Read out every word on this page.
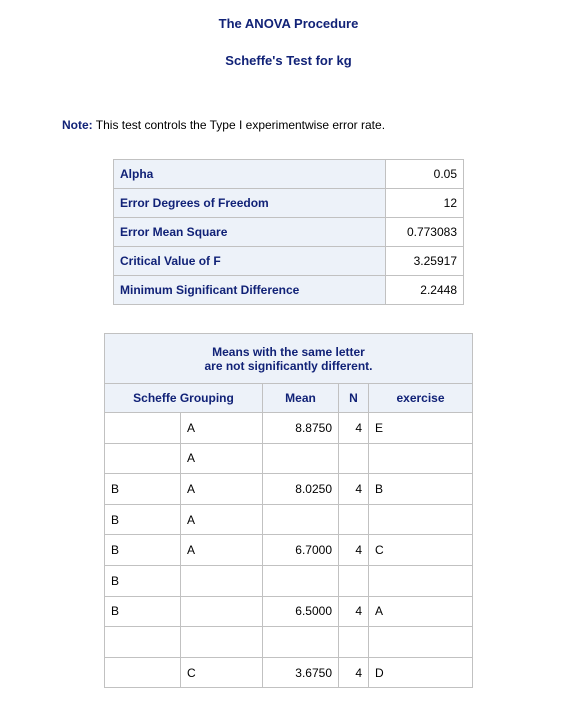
The ANOVA Procedure
Scheffe's Test for kg
Note: This test controls the Type I experimentwise error rate.
Alpha	0.05
Error Degrees of Freedom	12
Error Mean Square	0.773083
Critical Value of F	3.25917
Minimum Significant Difference	2.2448
Means with the same letter
are not significantly different.				

Scheffe Grouping		Mean	N	exercise
	A	8.8750	4	E
	A			
B	A	8.0250	4	B
B	A			
B	A	6.7000	4	C
B				
B		6.5000	4	A

	C	3.6750	4	D
